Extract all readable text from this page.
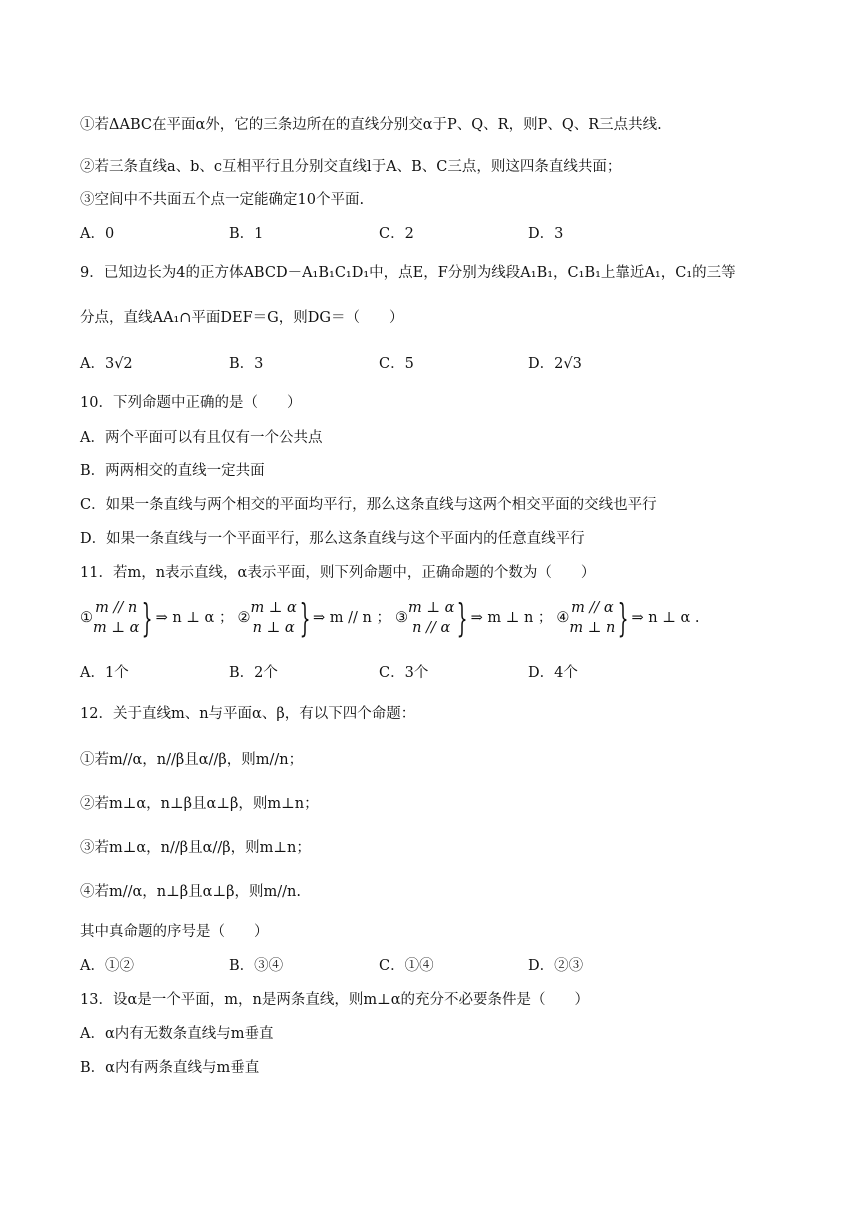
①若ΔABC在平面α外，它的三条边所在的直线分别交α于P、Q、R，则P、Q、R三点共线.
②若三条直线a、b、c互相平行且分别交直线l于A、B、C三点，则这四条直线共面；
③空间中不共面五个点一定能确定10个平面.
A．0	B．1	C．2	D．3
9．已知边长为4的正方体ABCD－A₁B₁C₁D₁中，点E，F分别为线段A₁B₁，C₁B₁上靠近A₁，C₁的三等
分点，直线AA₁∩平面DEF＝G，则DG＝（　　）
A．3√2	B．3	C．5	D．2√3
10．下列命题中正确的是（　　）
A．两个平面可以有且仅有一个公共点
B．两两相交的直线一定共面
C．如果一条直线与两个相交的平面均平行，那么这条直线与这两个相交平面的交线也平行
D．如果一条直线与一个平面平行，那么这条直线与这个平面内的任意直线平行
11．若m，n表示直线，α表示平面，则下列命题中，正确命题的个数为（　　）
①
m // n
m ⊥ α } ⇒ n ⊥ α ； ②
m ⊥ α
n ⊥ α } ⇒ m // n ； ③
m ⊥ α
n // α } ⇒ m ⊥ n ； ④
m // α
m ⊥ n } ⇒ n ⊥ α .
A．1个	B．2个	C．3个	D．4个
12．关于直线m、n与平面α、β，有以下四个命题：
①若m//α，n//β且α//β，则m//n；
②若m⊥α，n⊥β且α⊥β，则m⊥n；
③若m⊥α，n//β且α//β，则m⊥n；
④若m//α，n⊥β且α⊥β，则m//n.
其中真命题的序号是（　　）
A．①②	B．③④	C．①④	D．②③
13．设α是一个平面，m，n是两条直线，则m⊥α的充分不必要条件是（　　）
A．α内有无数条直线与m垂直
B．α内有两条直线与m垂直
